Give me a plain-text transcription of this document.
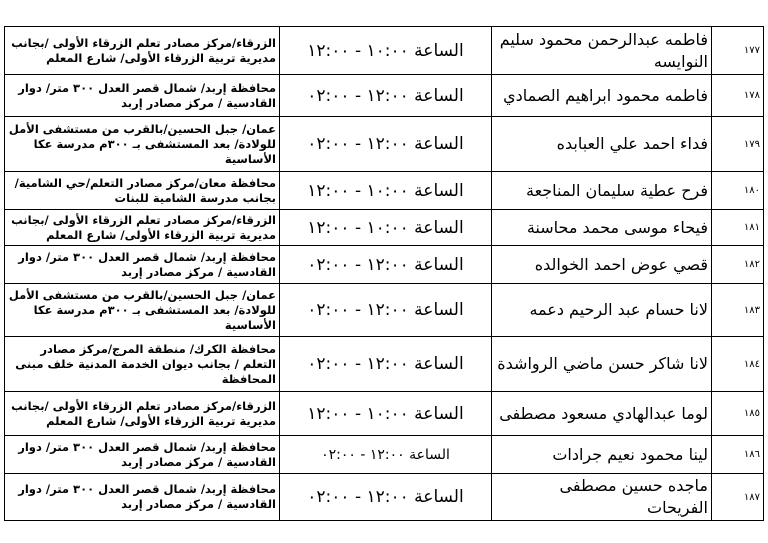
١٧٧	فاطمه عبدالرحمن محمود سليم النوايسه	الساعة ١٠:٠٠ - ١٢:٠٠	الزرقاء/مركز مصادر تعلم الزرقاء الأولى /بجانب مديرية تربية الزرقاء الأولى/ شارع المعلم
١٧٨	فاطمه محمود ابراهيم الصمادي	الساعة ١٢:٠٠ - ٠٢:٠٠	محافظة إربد/ شمال قصر العدل ٣٠٠ متر/ دوار القادسية / مركز مصادر إربد
١٧٩	فداء احمد علي العبابده	الساعة ١٢:٠٠ - ٠٢:٠٠	عمان/ جبل الحسين/بالقرب من مستشفى الأمل للولادة/ بعد المستشفى بـ ٣٠٠م مدرسة عكا الأساسية
١٨٠	فرح عطية سليمان المناجعة	الساعة ١٠:٠٠ - ١٢:٠٠	محافظة معان/مركز مصادر التعلم/حي الشامية/ بجانب مدرسة الشامية للبنات
١٨١	فيحاء موسى محمد محاسنة	الساعة ١٠:٠٠ - ١٢:٠٠	الزرقاء/مركز مصادر تعلم الزرقاء الأولى /بجانب مديرية تربية الزرقاء الأولى/ شارع المعلم
١٨٢	قصي عوض احمد الخوالده	الساعة ١٢:٠٠ - ٠٢:٠٠	محافظة إربد/ شمال قصر العدل ٣٠٠ متر/ دوار القادسية / مركز مصادر إربد
١٨٣	لانا حسام عبد الرحيم دعمه	الساعة ١٢:٠٠ - ٠٢:٠٠	عمان/ جبل الحسين/بالقرب من مستشفى الأمل للولادة/ بعد المستشفى بـ ٣٠٠م مدرسة عكا الأساسية
١٨٤	لانا شاكر حسن ماضي الرواشدة	الساعة ١٢:٠٠ - ٠٢:٠٠	محافظة الكرك/ منطقة المرج/مركز مصادر التعلم / بجانب ديوان الخدمة المدنية خلف مبنى المحافظة
١٨٥	لوما عبدالهادي مسعود مصطفى	الساعة ١٠:٠٠ - ١٢:٠٠	الزرقاء/مركز مصادر تعلم الزرقاء الأولى /بجانب مديرية تربية الزرقاء الأولى/ شارع المعلم
١٨٦	لينا محمود نعيم جرادات	الساعة ١٢:٠٠ - ٠٢:٠٠	محافظة إربد/ شمال قصر العدل ٣٠٠ متر/ دوار القادسية / مركز مصادر إربد
١٨٧	ماجده حسين مصطفى الفريحات	الساعة ١٢:٠٠ - ٠٢:٠٠	محافظة إربد/ شمال قصر العدل ٣٠٠ متر/ دوار القادسية / مركز مصادر إربد
